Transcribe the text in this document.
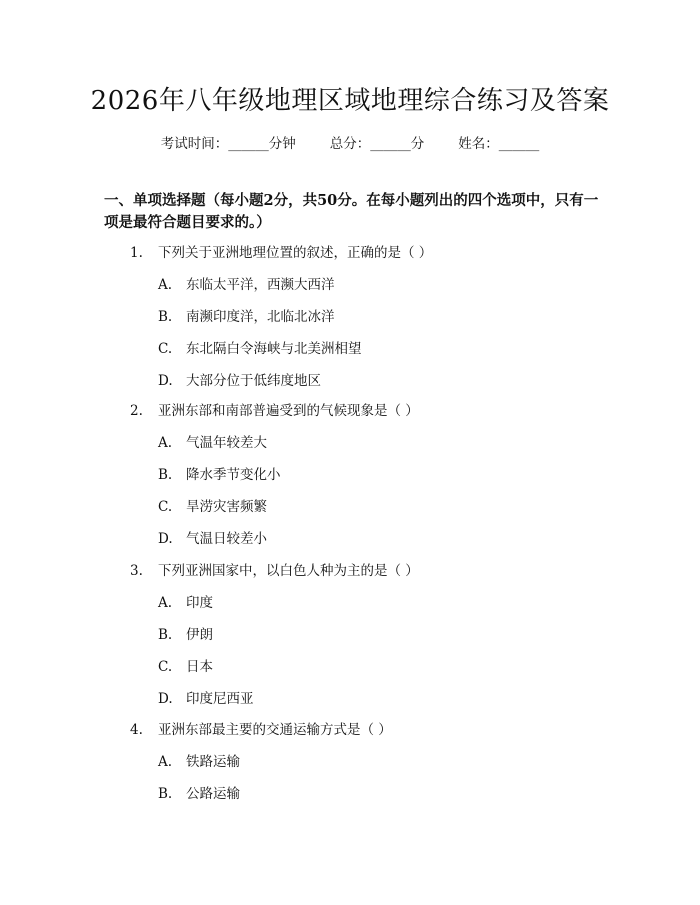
2026年八年级地理区域地理综合练习及答案
考试时间：______分钟	总分：______分	姓名：______
一、单项选择题（每小题2分，共50分。在每小题列出的四个选项中，只有一项是最符合题目要求的。）
1. 下列关于亚洲地理位置的叙述，正确的是（ ）
A. 东临太平洋，西濒大西洋
B. 南濒印度洋，北临北冰洋
C. 东北隔白令海峡与北美洲相望
D. 大部分位于低纬度地区
2. 亚洲东部和南部普遍受到的气候现象是（ ）
A. 气温年较差大
B. 降水季节变化小
C. 旱涝灾害频繁
D. 气温日较差小
3. 下列亚洲国家中，以白色人种为主的是（ ）
A. 印度
B. 伊朗
C. 日本
D. 印度尼西亚
4. 亚洲东部最主要的交通运输方式是（ ）
A. 铁路运输
B. 公路运输
